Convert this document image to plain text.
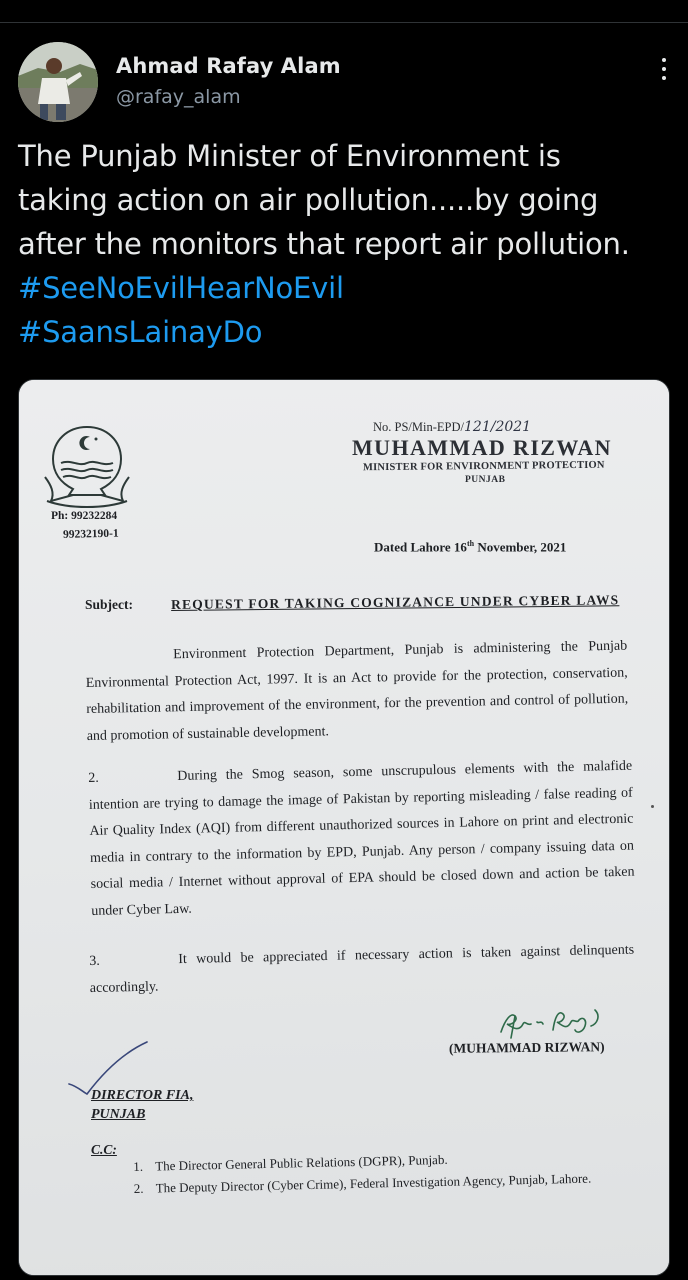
Ahmad Rafay Alam
@rafay_alam
The Punjab Minister of Environment is
taking action on air pollution.....by going
after the monitors that report air pollution.
#SeeNoEvilHearNoEvil
#SaansLainayDo
Ph: 99232284
99232190-1
No. PS/Min-EPD/121/2021
MUHAMMAD RIZWAN
MINISTER FOR ENVIRONMENT PROTECTION
PUNJAB
Dated Lahore 16th November, 2021
Subject:	REQUEST FOR TAKING COGNIZANCE UNDER CYBER LAWS
Environment Protection Department, Punjab is administering the Punjab Environmental Protection Act, 1997. It is an Act to provide for the protection, conservation, rehabilitation and improvement of the environment, for the prevention and control of pollution, and promotion of sustainable development.
2.	During the Smog season, some unscrupulous elements with the malafide intention are trying to damage the image of Pakistan by reporting misleading / false reading of Air Quality Index (AQI) from different unauthorized sources in Lahore on print and electronic media in contrary to the information by EPD, Punjab. Any person / company issuing data on social media / Internet without approval of EPA should be closed down and action be taken under Cyber Law.
3.	It would be appreciated if necessary action is taken against delinquents accordingly.
(MUHAMMAD RIZWAN)
DIRECTOR FIA,
PUNJAB
C.C:
1. The Director General Public Relations (DGPR), Punjab.
2. The Deputy Director (Cyber Crime), Federal Investigation Agency, Punjab, Lahore.
